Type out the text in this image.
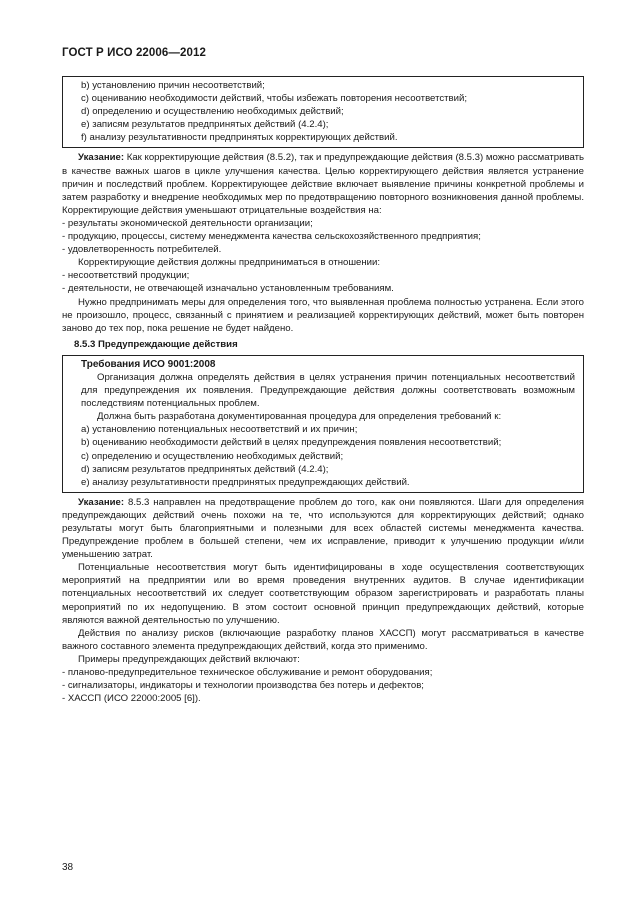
ГОСТ Р ИСО 22006—2012

b) установлению причин несоответствий;

c) оцениванию необходимости действий, чтобы избежать повторения несоответствий;

d) определению и осуществлению необходимых действий;

e) записям результатов предпринятых действий (4.2.4);

f) анализу результативности предпринятых корректирующих действий.

Указание: Как корректирующие действия (8.5.2), так и предупреждающие действия (8.5.3) можно рассматривать в качестве важных шагов в цикле улучшения качества. Целью корректирующего действия является устранение причин и последствий проблем. Корректирующее действие включает выявление причины конкретной проблемы и затем разработку и внедрение необходимых мер по предотвращению повторного возникновения данной проблемы. Корректирующие действия уменьшают отрицательные воздействия на:

- результаты экономической деятельности организации;

- продукцию, процессы, систему менеджмента качества сельскохозяйственного предприятия;

- удовлетворенность потребителей.

Корректирующие действия должны предприниматься в отношении:

- несоответствий продукции;

- деятельности, не отвечающей изначально установленным требованиям.

Нужно предпринимать меры для определения того, что выявленная проблема полностью устранена. Если этого не произошло, процесс, связанный с принятием и реализацией корректирующих действий, может быть повторен заново до тех пор, пока решение не будет найдено.

8.5.3 Предупреждающие действия

Требования ИСО 9001:2008

Организация должна определять действия в целях устранения причин потенциальных несоответствий для предупреждения их появления. Предупреждающие действия должны соответствовать возможным последствиям потенциальных проблем.

Должна быть разработана документированная процедура для определения требований к:

a) установлению потенциальных несоответствий и их причин;

b) оцениванию необходимости действий в целях предупреждения появления несоответствий;

c) определению и осуществлению необходимых действий;

d) записям результатов предпринятых действий (4.2.4);

e) анализу результативности предпринятых предупреждающих действий.

Указание: 8.5.3 направлен на предотвращение проблем до того, как они появляются. Шаги для определения предупреждающих действий очень похожи на те, что используются для корректирующих действий; однако результаты могут быть благоприятными и полезными для всех областей системы менеджмента качества. Предупреждение проблем в большей степени, чем их исправление, приводит к улучшению продукции и/или уменьшению затрат.

Потенциальные несоответствия могут быть идентифицированы в ходе осуществления соответствующих мероприятий на предприятии или во время проведения внутренних аудитов. В случае идентификации потенциальных несоответствий их следует соответствующим образом зарегистрировать и разработать планы мероприятий по их недопущению. В этом состоит основной принцип предупреждающих действий, которые являются важной деятельностью по улучшению.

Действия по анализу рисков (включающие разработку планов ХАССП) могут рассматриваться в качестве важного составного элемента предупреждающих действий, когда это применимо.

Примеры предупреждающих действий включают:

- планово-предупредительное техническое обслуживание и ремонт оборудования;

- сигнализаторы, индикаторы и технологии производства без потерь и дефектов;

- ХАССП (ИСО 22000:2005 [6]).

38
